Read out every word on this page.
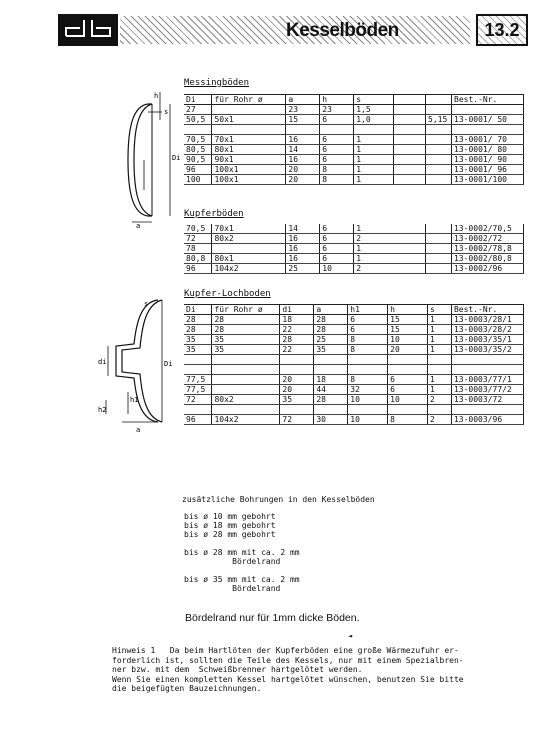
Kesselböden	13.2
h
s
Di
a
di
s
h1
Di
h2
a
Messingböden
Di	für Rohr ø	a	h	s			Best.-Nr.
27		23	23	1,5			
50,5	50x1	15	6	1,0		5,15	13-0001/ 50

70,5	70x1	16	6	1			13-0001/ 70
80,5	80x1	14	6	1			13-0001/ 80
90,5	90x1	16	6	1			13-0001/ 90
96	100x1	20	8	1			13-0001/ 96
100	100x1	20	8	1			13-0001/100
Kupferböden
70,5	70x1	14	6	1		13-0002/70,5
72	80x2	16	6	2		13-0002/72
78		16	6	1		13-0002/78,8
80,8	80x1	16	6	1		13-0002/80,8
96	104x2	25	10	2		13-0002/96
Kupfer-Lochboden
Di	für Rohr ø	di	a	h1	h	s	Best.-Nr.
28	28	18	28	6	15	1	13-0003/28/1
28	28	22	28	6	15	1	13-0003/28/2
35	35	28	25	8	10	1	13-0003/35/1
35	35	22	35	8	20	1	13-0003/35/2

77,5		20	18	8	6	1	13-0003/77/1
77,5		20	44	32	6	1	13-0003/77/2
72	80x2	35	28	10	10	2	13-0003/72

96	104x2	72	30	10	8	2	13-0003/96
zusätzliche Bohrungen in den Kesselböden
bis ø 10 mm gebohrt
bis ø 18 mm gebohrt
bis ø 28 mm gebohrt

bis ø 28 mm mit ca. 2 mm
Bördelrand

bis ø 35 mm mit ca. 2 mm
Bördelrand
Bördelrand nur für 1mm dicke Böden.
◄
Hinweis 1   Da beim Hartlöten der Kupferböden eine große Wärmezufuhr er-
forderlich ist, sollten die Teile des Kessels, nur mit einem Spezialbren-
ner bzw. mit dem  Schweißbrenner hartgelötet werden.
Wenn Sie einen kompletten Kessel hartgelötet wünschen, benutzen Sie bitte
die beigefügten Bauzeichnungen.
